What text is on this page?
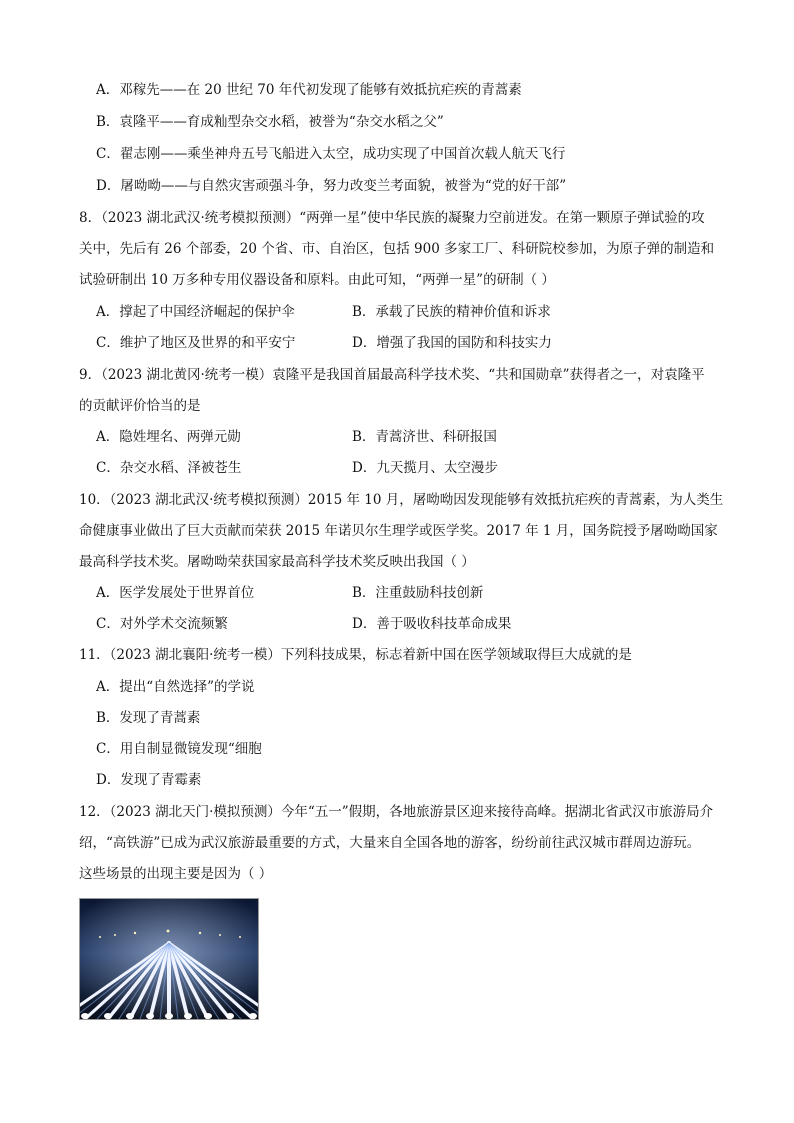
A．邓稼先——在 20 世纪 70 年代初发现了能够有效抵抗疟疾的青蒿素
B．袁隆平——育成籼型杂交水稻，被誉为“杂交水稻之父”
C．翟志刚——乘坐神舟五号飞船进入太空，成功实现了中国首次载人航天飞行
D．屠呦呦——与自然灾害顽强斗争，努力改变兰考面貌，被誉为“党的好干部”
8．（2023 湖北武汉·统考模拟预测）“两弹一星”使中华民族的凝聚力空前迸发。在第一颗原子弹试验的攻
关中，先后有 26 个部委，20 个省、市、自治区，包括 900 多家工厂、科研院校参加，为原子弹的制造和
试验研制出 10 万多种专用仪器设备和原料。由此可知，“两弹一星”的研制（ ）
A．撑起了中国经济崛起的保护伞	B．承载了民族的精神价值和诉求
C．维护了地区及世界的和平安宁	D．增强了我国的国防和科技实力
9．（2023 湖北黄冈·统考一模）袁隆平是我国首届最高科学技术奖、“共和国勋章”获得者之一，对袁隆平
的贡献评价恰当的是
A．隐姓埋名、两弹元勋	B．青蒿济世、科研报国
C．杂交水稻、泽被苍生	D．九天揽月、太空漫步
10．（2023 湖北武汉·统考模拟预测）2015 年 10 月，屠呦呦因发现能够有效抵抗疟疾的青蒿素，为人类生
命健康事业做出了巨大贡献而荣获 2015 年诺贝尔生理学或医学奖。2017 年 1 月，国务院授予屠呦呦国家
最高科学技术奖。屠呦呦荣获国家最高科学技术奖反映出我国（ ）
A．医学发展处于世界首位	B．注重鼓励科技创新
C．对外学术交流频繁	D．善于吸收科技革命成果
11．（2023 湖北襄阳·统考一模）下列科技成果，标志着新中国在医学领域取得巨大成就的是
A．提出“自然选择”的学说
B．发现了青蒿素
C．用自制显微镜发现“细胞
D．发现了青霉素
12．（2023 湖北天门·模拟预测）今年“五一”假期，各地旅游景区迎来接待高峰。据湖北省武汉市旅游局介
绍，“高铁游”已成为武汉旅游最重要的方式，大量来自全国各地的游客，纷纷前往武汉城市群周边游玩。
这些场景的出现主要是因为（ ）
